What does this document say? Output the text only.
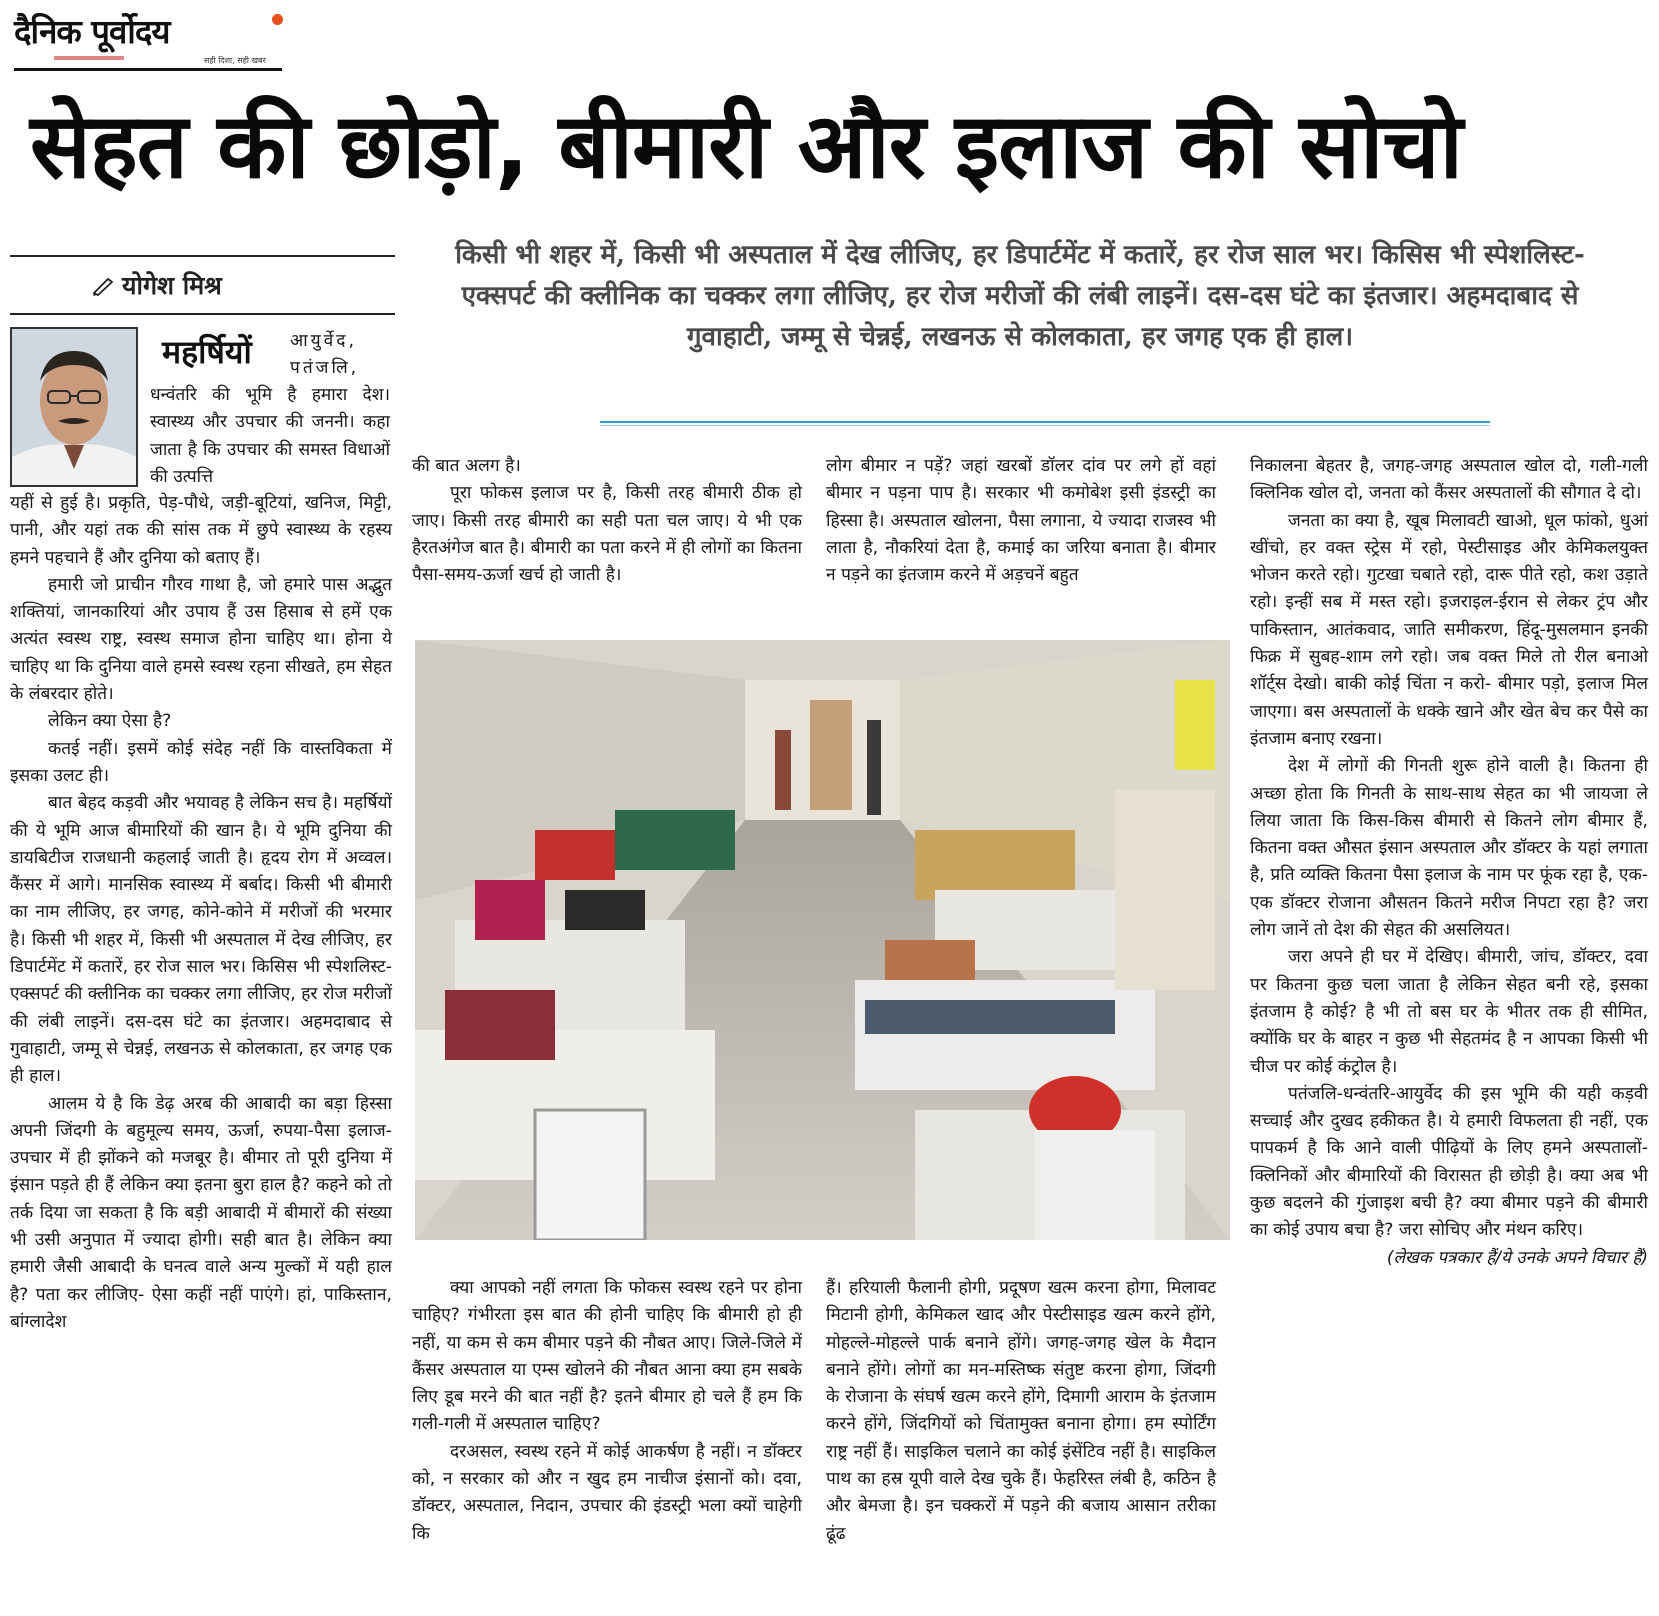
दैनिक पूर्वोदय
सही दिशा, सही खबर
सेहत की छोड़ो, बीमारी और इलाज की सोचो
योगेश मिश्र
महर्षियों आयुर्वेद, पतंजलि,

धन्वंतरि की भूमि है हमारा देश। स्वास्थ्य और उपचार की जननी। कहा जाता है कि उपचार की समस्त विधाओं की उत्पत्ति

यहीं से हुई है। प्रकृति, पेड़-पौधे, जड़ी-बूटियां, खनिज, मिट्टी, पानी, और यहां तक की सांस तक में छुपे स्वास्थ्य के रहस्य हमने पहचाने हैं और दुनिया को बताए हैं।

हमारी जो प्राचीन गौरव गाथा है, जो हमारे पास अद्भुत शक्तियां, जानकारियां और उपाय हैं उस हिसाब से हमें एक अत्यंत स्वस्थ राष्ट्र, स्वस्थ समाज होना चाहिए था। होना ये चाहिए था कि दुनिया वाले हमसे स्वस्थ रहना सीखते, हम सेहत के लंबरदार होते।

लेकिन क्या ऐसा है?

कतई नहीं। इसमें कोई संदेह नहीं कि वास्तविकता में इसका उलट ही।

बात बेहद कड़वी और भयावह है लेकिन सच है। महर्षियों की ये भूमि आज बीमारियों की खान है। ये भूमि दुनिया की डायबिटीज राजधानी कहलाई जाती है। हृदय रोग में अव्वल। कैंसर में आगे। मानसिक स्वास्थ्य में बर्बाद। किसी भी बीमारी का नाम लीजिए, हर जगह, कोने-कोने में मरीजों की भरमार है। किसी भी शहर में, किसी भी अस्पताल में देख लीजिए, हर डिपार्टमेंट में कतारें, हर रोज साल भर। किसिस भी स्पेशलिस्ट-एक्सपर्ट की क्लीनिक का चक्कर लगा लीजिए, हर रोज मरीजों की लंबी लाइनें। दस-दस घंटे का इंतजार। अहमदाबाद से गुवाहाटी, जम्मू से चेन्नई, लखनऊ से कोलकाता, हर जगह एक ही हाल।

आलम ये है कि डेढ़ अरब की आबादी का बड़ा हिस्सा अपनी जिंदगी के बहुमूल्य समय, ऊर्जा, रुपया-पैसा इलाज-उपचार में ही झोंकने को मजबूर है। बीमार तो पूरी दुनिया में इंसान पड़ते ही हैं लेकिन क्या इतना बुरा हाल है? कहने को तो तर्क दिया जा सकता है कि बड़ी आबादी में बीमारों की संख्या भी उसी अनुपात में ज्यादा होगी। सही बात है। लेकिन क्या हमारी जैसी आबादी के घनत्व वाले अन्य मुल्कों में यही हाल है? पता कर लीजिए- ऐसा कहीं नहीं पाएंगे। हां, पाकिस्तान, बांग्लादेश

किसी भी शहर में, किसी भी अस्पताल में देख लीजिए, हर डिपार्टमेंट में कतारें, हर रोज साल भर। किसिस भी स्पेशलिस्ट-एक्सपर्ट की क्लीनिक का चक्कर लगा लीजिए, हर रोज मरीजों की लंबी लाइनें। दस-दस घंटे का इंतजार। अहमदाबाद से गुवाहाटी, जम्मू से चेन्नई, लखनऊ से कोलकाता, हर जगह एक ही हाल।

की बात अलग है।

पूरा फोकस इलाज पर है, किसी तरह बीमारी ठीक हो जाए। किसी तरह बीमारी का सही पता चल जाए। ये भी एक हैरतअंगेज बात है। बीमारी का पता करने में ही लोगों का कितना पैसा-समय-ऊर्जा खर्च हो जाती है।

लोग बीमार न पड़ें? जहां खरबों डॉलर दांव पर लगे हों वहां बीमार न पड़ना पाप है। सरकार भी कमोबेश इसी इंडस्ट्री का हिस्सा है। अस्पताल खोलना, पैसा लगाना, ये ज्यादा राजस्व भी लाता है, नौकरियां देता है, कमाई का जरिया बनाता है। बीमार न पड़ने का इंतजाम करने में अड़चनें बहुत

क्या आपको नहीं लगता कि फोकस स्वस्थ रहने पर होना चाहिए? गंभीरता इस बात की होनी चाहिए कि बीमारी हो ही नहीं, या कम से कम बीमार पड़ने की नौबत आए। जिले-जिले में कैंसर अस्पताल या एम्स खोलने की नौबत आना क्या हम सबके लिए डूब मरने की बात नहीं है? इतने बीमार हो चले हैं हम कि गली-गली में अस्पताल चाहिए?

दरअसल, स्वस्थ रहने में कोई आकर्षण है नहीं। न डॉक्टर को, न सरकार को और न खुद हम नाचीज इंसानों को। दवा, डॉक्टर, अस्पताल, निदान, उपचार की इंडस्ट्री भला क्यों चाहेगी कि

हैं। हरियाली फैलानी होगी, प्रदूषण खत्म करना होगा, मिलावट मिटानी होगी, केमिकल खाद और पेस्टीसाइड खत्म करने होंगे, मोहल्ले-मोहल्ले पार्क बनाने होंगे। जगह-जगह खेल के मैदान बनाने होंगे। लोगों का मन-मस्तिष्क संतुष्ट करना होगा, जिंदगी के रोजाना के संघर्ष खत्म करने होंगे, दिमागी आराम के इंतजाम करने होंगे, जिंदगियों को चिंतामुक्त बनाना होगा। हम स्पोर्टिंग राष्ट्र नहीं हैं। साइकिल चलाने का कोई इंसेंटिव नहीं है। साइकिल पाथ का हस्र यूपी वाले देख चुके हैं। फेहरिस्त लंबी है, कठिन है और बेमजा है। इन चक्करों में पड़ने की बजाय आसान तरीका ढूंढ

निकालना बेहतर है, जगह-जगह अस्पताल खोल दो, गली-गली क्लिनिक खोल दो, जनता को कैंसर अस्पतालों की सौगात दे दो।

जनता का क्या है, खूब मिलावटी खाओ, धूल फांको, धुआं खींचो, हर वक्त स्ट्रेस में रहो, पेस्टीसाइड और केमिकलयुक्त भोजन करते रहो। गुटखा चबाते रहो, दारू पीते रहो, कश उड़ाते रहो। इन्हीं सब में मस्त रहो। इजराइल-ईरान से लेकर ट्रंप और पाकिस्तान, आतंकवाद, जाति समीकरण, हिंदू-मुसलमान इनकी फिक्र में सुबह-शाम लगे रहो। जब वक्त मिले तो रील बनाओ शॉर्ट्स देखो। बाकी कोई चिंता न करो- बीमार पड़ो, इलाज मिल जाएगा। बस अस्पतालों के धक्के खाने और खेत बेच कर पैसे का इंतजाम बनाए रखना।

देश में लोगों की गिनती शुरू होने वाली है। कितना ही अच्छा होता कि गिनती के साथ-साथ सेहत का भी जायजा ले लिया जाता कि किस-किस बीमारी से कितने लोग बीमार हैं, कितना वक्त औसत इंसान अस्पताल और डॉक्टर के यहां लगाता है, प्रति व्यक्ति कितना पैसा इलाज के नाम पर फूंक रहा है, एक-एक डॉक्टर रोजाना औसतन कितने मरीज निपटा रहा है? जरा लोग जानें तो देश की सेहत की असलियत।

जरा अपने ही घर में देखिए। बीमारी, जांच, डॉक्टर, दवा पर कितना कुछ चला जाता है लेकिन सेहत बनी रहे, इसका इंतजाम है कोई? है भी तो बस घर के भीतर तक ही सीमित, क्योंकि घर के बाहर न कुछ भी सेहतमंद है न आपका किसी भी चीज पर कोई कंट्रोल है।

पतंजलि-धन्वंतरि-आयुर्वेद की इस भूमि की यही कड़वी सच्चाई और दुखद हकीकत है। ये हमारी विफलता ही नहीं, एक पापकर्म है कि आने वाली पीढ़ियों के लिए हमने अस्पतालों-क्लिनिकों और बीमारियों की विरासत ही छोड़ी है। क्या अब भी कुछ बदलने की गुंजाइश बची है? क्या बीमार पड़ने की बीमारी का कोई उपाय बचा है? जरा सोचिए और मंथन करिए।

(लेखक पत्रकार हैं/ये उनके अपने विचार हैं)
